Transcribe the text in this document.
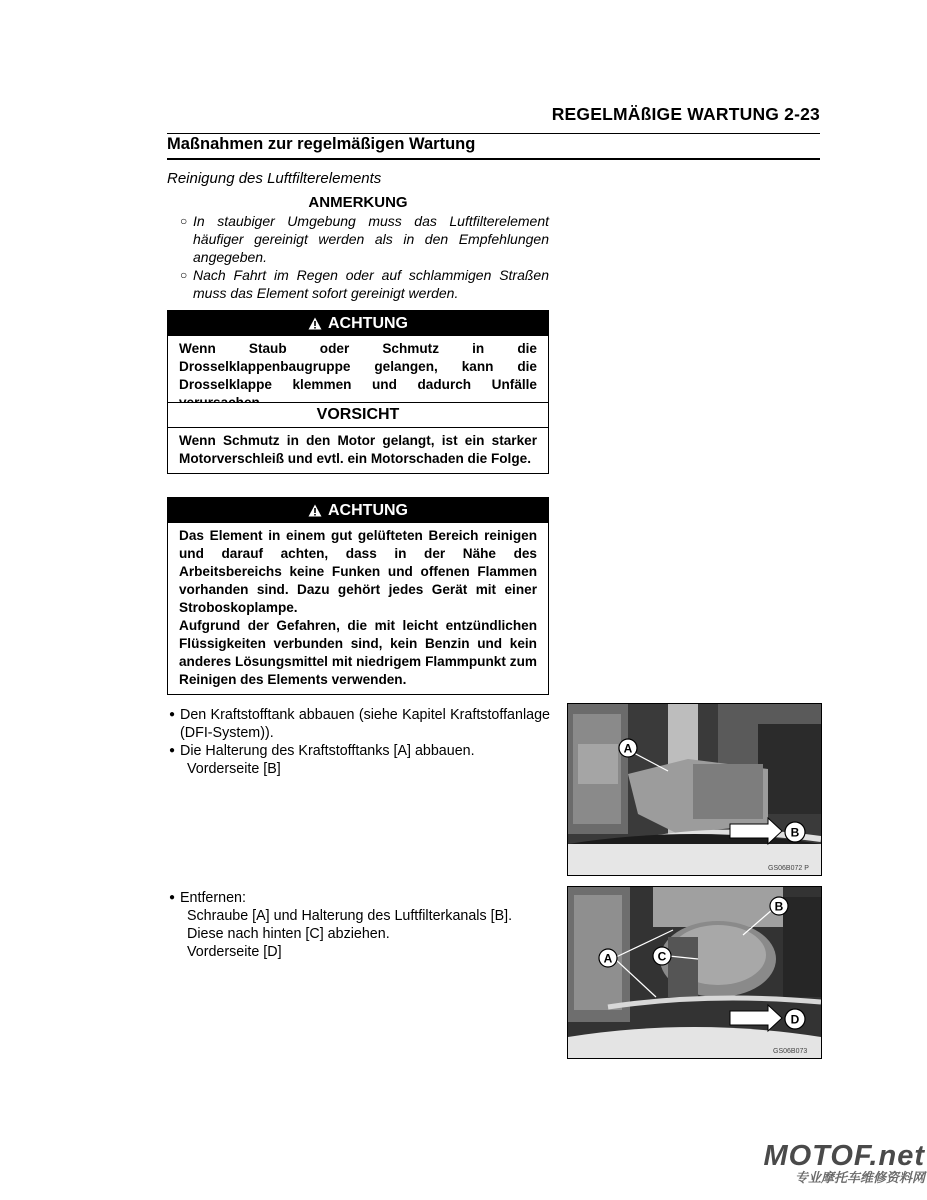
REGELMÄßIGE WARTUNG 2-23
Maßnahmen zur regelmäßigen Wartung
Reinigung des Luftfilterelements
ANMERKUNG

○ In staubiger Umgebung muss das Luftfilterelement häufiger gereinigt werden als in den Empfehlungen angegeben.

○ Nach Fahrt im Regen oder auf schlammigen Straßen muss das Element sofort gereinigt werden.

ACHTUNG
Wenn Staub oder Schmutz in die Drosselklappenbaugruppe gelangen, kann die Drosselklappe klemmen und dadurch Unfälle
VORSICHT
Wenn Schmutz in den Motor gelangt, ist ein starker Motorverschleiß und evtl. ein Motorschaden die Folge.
ACHTUNG
Das Element in einem gut gelüfteten Bereich reinigen und darauf achten, dass in der Nähe des Arbeitsbereichs keine Funken und offenen Flammen vorhanden sind. Dazu gehört jedes Gerät mit einer Stroboskoplampe.
Aufgrund der Gefahren, die mit leicht entzündlichen Flüssigkeiten verbunden sind, kein Benzin und kein anderes Lösungsmittel mit niedrigem Flammpunkt zum Reinigen des Elements verwenden.
● Den Kraftstofftank abbauen (siehe Kapitel Kraftstoffanlage (DFI-System)).
● Die Halterung des Kraftstofftanks [A] abbauen.
Vorderseite [B]
● Entfernen:
Schraube [A] und Halterung des Luftfilterkanals [B].
Diese nach hinten [C] abziehen.
Vorderseite [D]
A
B
GS06B072 P
A
B
C
D
GS06B073
MOTOF.net
专业摩托车维修资料网
